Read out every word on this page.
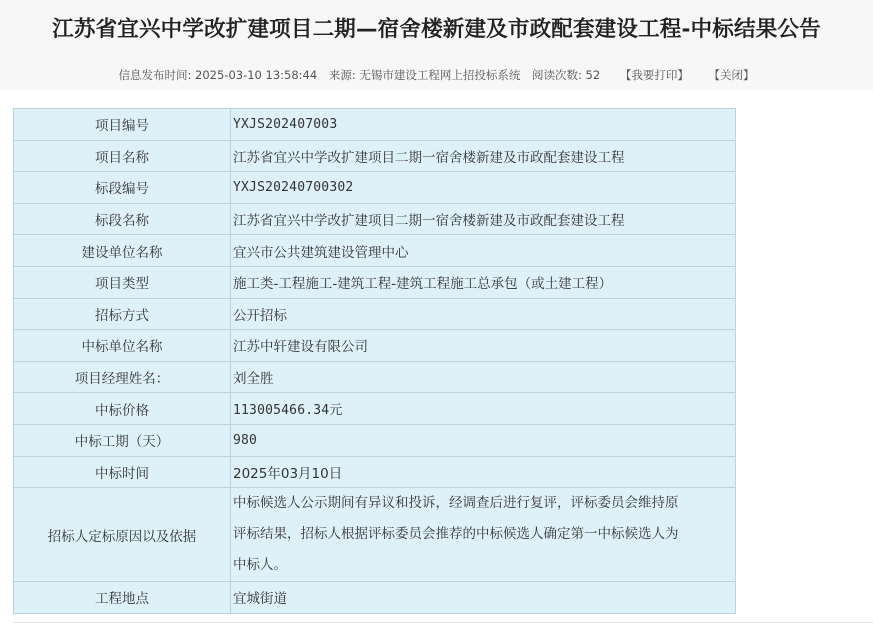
江苏省宜兴中学改扩建项目二期—宿舍楼新建及市政配套建设工程-中标结果公告
信息发布时间: 2025-03-10 13:58:44 来源: 无锡市建设工程网上招投标系统 阅读次数: 52 【我要打印】 【关闭】
项目编号	YXJS202407003
项目名称	江苏省宜兴中学改扩建项目二期一宿舍楼新建及市政配套建设工程
标段编号	YXJS20240700302
标段名称	江苏省宜兴中学改扩建项目二期一宿舍楼新建及市政配套建设工程
建设单位名称	宜兴市公共建筑建设管理中心
项目类型	施工类-工程施工-建筑工程-建筑工程施工总承包（或土建工程）
招标方式	公开招标
中标单位名称	江苏中轩建设有限公司
项目经理姓名：	刘全胜
中标价格	113005466.34元
中标工期（天）	980
中标时间	2025年03月10日
招标人定标原因以及依据	中标候选人公示期间有异议和投诉，经调查后进行复评，评标委员会维持原

评标结果，招标人根据评标委员会推荐的中标候选人确定第一中标候选人为

中标人。

工程地点	宜城街道
